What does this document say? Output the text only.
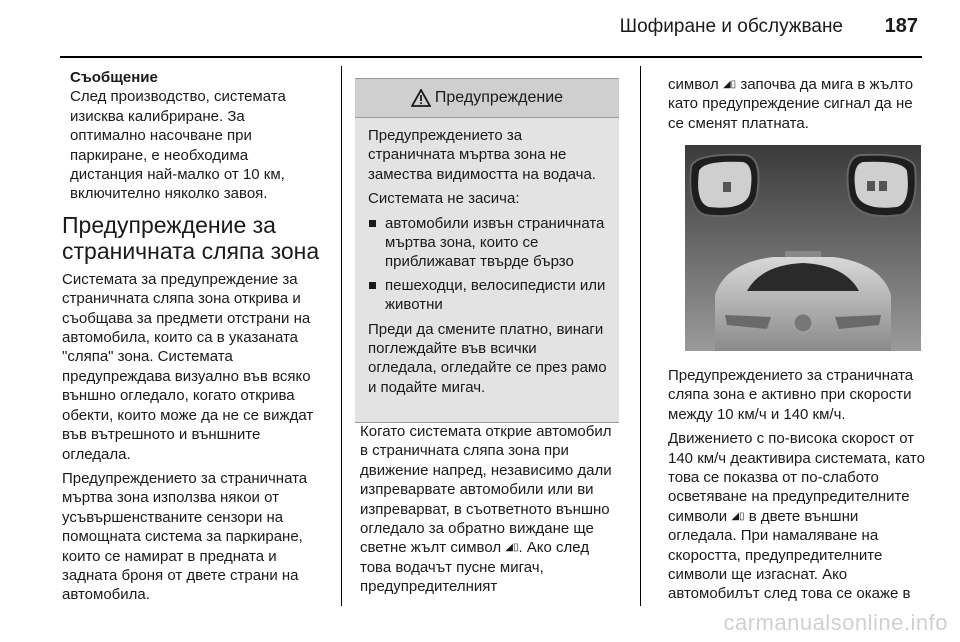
Шофиране и обслужване 187

Съобщение

След производство, системата изисква калибриране. За оптимално насочване при паркиране, е необходима дистанция най-малко от 10 км, включително няколко завоя.

Предупреждение за страничната сляпа зона

Системата за предупреждение за страничната сляпа зона открива и съобщава за предмети отстрани на автомобила, които са в указаната "сляпа" зона. Системата предупреждава визуално във всяко външно огледало, когато открива обекти, които може да не се виждат във вътрешното и външните огледала.

Предупреждението за страничната мъртва зона използва някои от усъвършенстваните сензори на помощната система за паркиране, които се намират в предната и задната броня от двете страни на автомобила.

Предупреждение

Предупреждението за страничната мъртва зона не замества видимостта на водача.

Системата не засича:

автомобили извън страничната мъртва зона, които се приближават твърде бързо
пешеходци, велосипедисти или животни

Преди да смените платно, винаги поглеждайте във всички огледала, огледайте се през рамо и подайте мигач.

Когато системата открие автомобил в страничната сляпа зона при движение напред, независимо дали изпреварвате автомобили или ви изпреварват, в съответното външно огледало за обратно виждане ще светне жълт символ ◢▯. Ако след това водачът пусне мигач, предупредителният

символ ◢▯ започва да мига в жълто като предупреждение сигнал да не се сменят платната.

Предупреждението за страничната сляпа зона е активно при скорости между 10 км/ч и 140 км/ч.

Движението с по-висока скорост от 140 км/ч деактивира системата, като това се показва от по-слабото осветяване на предупредителните символи ◢▯ в двете външни огледала. При намаляване на скоростта, предупредителните символи ще изгаснат. Ако автомобилът след това се окаже в

carmanualsonline.info
